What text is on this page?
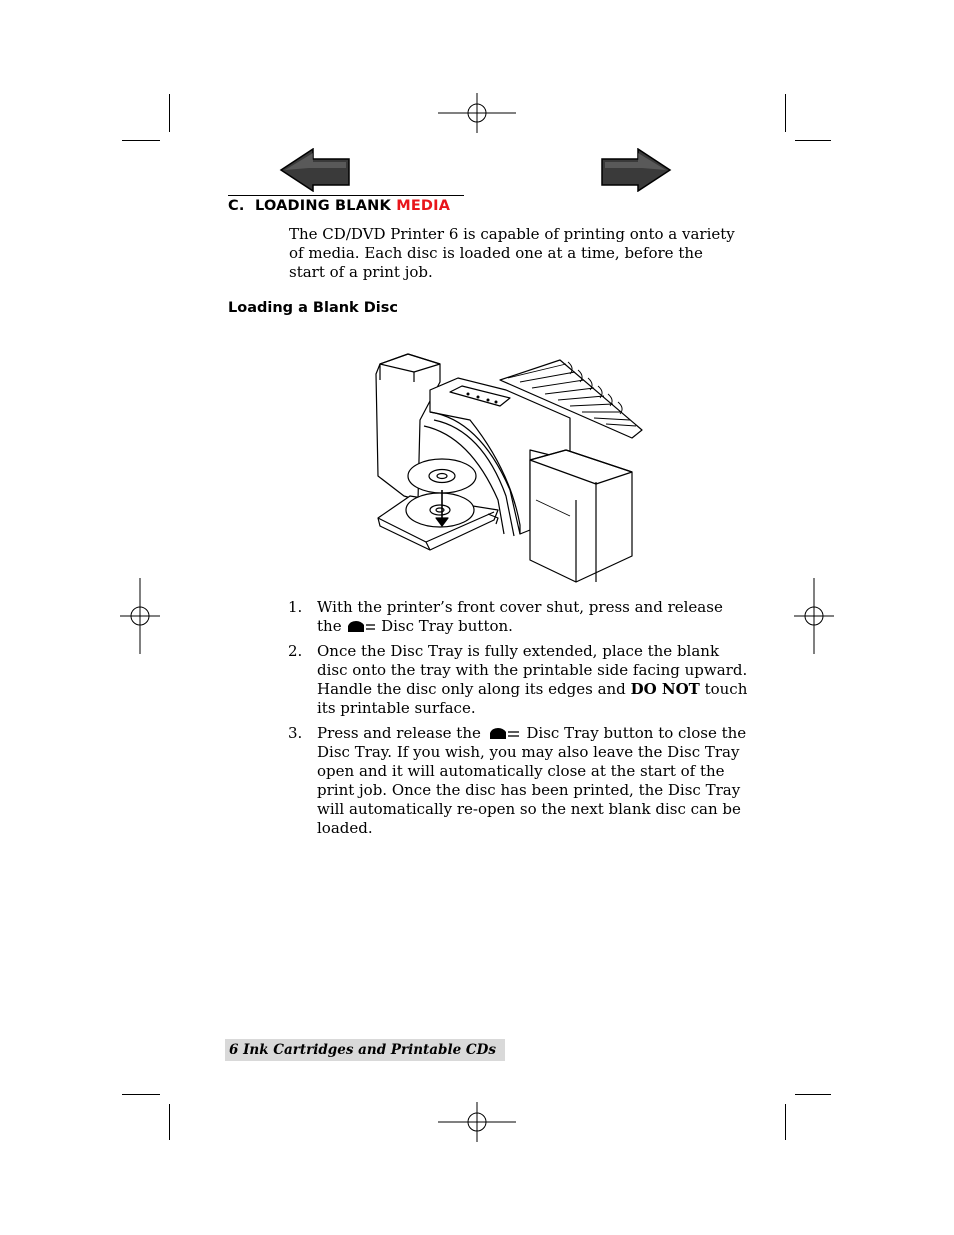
C.  LOADING BLANK MEDIA
The CD/DVD Printer 6 is capable of printing onto a variety of media. Each disc is loaded one at a time, before the start of a print job.
Loading a Blank Disc
1. With the printer’s front cover shut, press and release the  Disc Tray button.
2. Once the Disc Tray is fully extended, place the blank disc onto the tray with the printable side facing upward. Handle the disc only along its edges and DO NOT touch its printable surface.
3. Press and release the  Disc Tray button to close the Disc Tray. If you wish, you may also leave the Disc Tray open and it will automatically close at the start of the print job. Once the disc has been printed, the Disc Tray will automatically re-open so the next blank disc can be loaded.
6 Ink Cartridges and Printable CDs
